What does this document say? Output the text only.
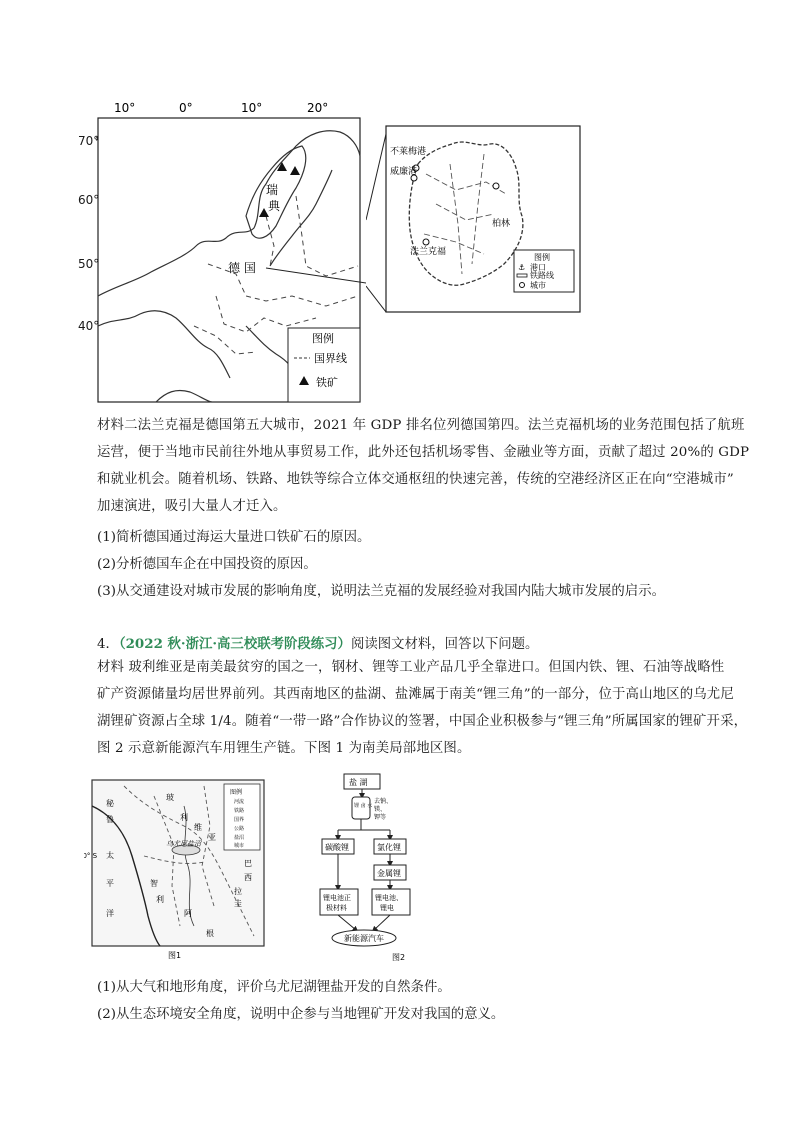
10°	0°	10°	20°
°
瑞
典
德 国
图例
国界线
铁矿
70°
60°
50°
40°
不莱梅港
威廉港
柏林
法兰克福
图例
⚓ 港口
铁路线
城市
材料二法兰克福是德国第五大城市，2021 年 GDP 排名位列德国第四。法兰克福机场的业务范围包括了航班
运营，便于当地市民前往外地从事贸易工作，此外还包括机场零售、金融业等方面，贡献了超过 20%的 GDP
和就业机会。随着机场、铁路、地铁等综合立体交通枢纽的快速完善，传统的空港经济区正在向“空港城市”
加速演进，吸引大量人才迁入。
(1)简析德国通过海运大量进口铁矿石的原因。
(2)分析德国车企在中国投资的原因。
(3)从交通建设对城市发展的影响角度，说明法兰克福的发展经验对我国内陆大城市发展的启示。
4．（2022 秋·浙江·高三校联考阶段练习）阅读图文材料，回答以下问题。
材料 玻利维亚是南美最贫穷的国之一，钢材、锂等工业产品几乎全靠进口。但国内铁、锂、石油等战略性
矿产资源储量均居世界前列。其西南地区的盐湖、盐滩属于南美“锂三角”的一部分，位于高山地区的乌尤尼
湖锂矿资源占全球 1/4。随着“一带一路”合作协议的签署，中国企业积极参与“锂三角”所属国家的锂矿开采，
图 2 示意新能源汽车用锂生产链。下图 1 为南美局部地区图。
0° S
图例
河流
铁路
国界
公路
盐沼
城市
秘
鲁
玻
利
维
亚
巴
西
太
平
洋	阿
根
智
利
乌尤尼盐沼
拉
圭
图1
盐 湖
锂 卤 水
去钠、
镁、
钾等
碳酸锂	氯化锂
金属锂
锂电池正
极材料
锂电池、
锂电
新能源汽车
图2
(1)从大气和地形角度，评价乌尤尼湖锂盐开发的自然条件。
(2)从生态环境安全角度，说明中企参与当地锂矿开发对我国的意义。
